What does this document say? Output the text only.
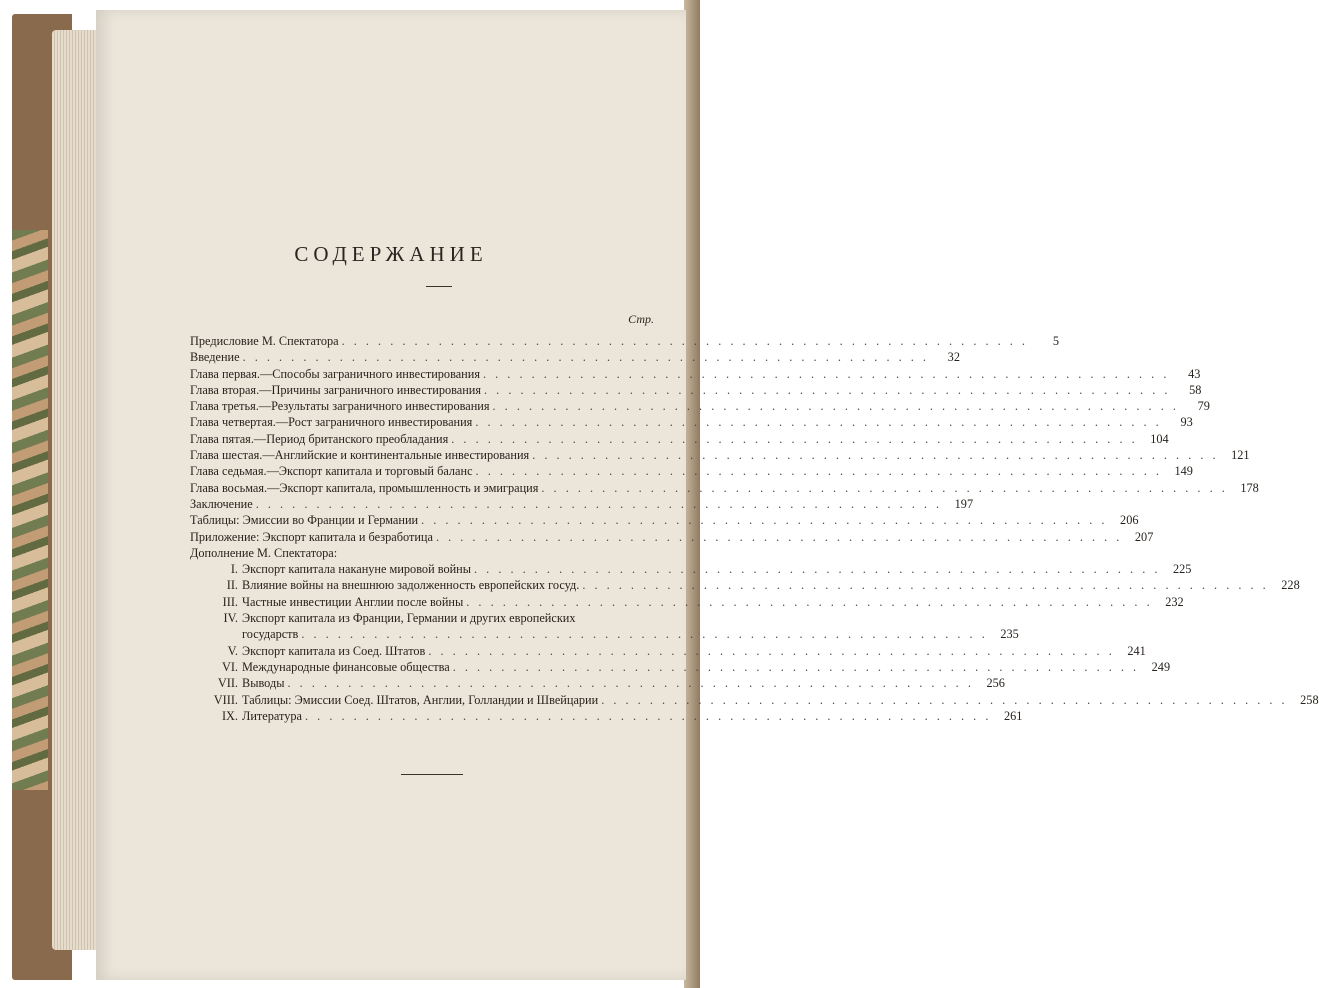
СОДЕРЖАНИЕ
Стр.
Предисловие М. Спектатора . . . . . . . . . . . . . . . . . . . . . . . . . . . . . . . . . . . . . . . . . . . . . . . . . . . . . . . . .	5
Введение . . . . . . . . . . . . . . . . . . . . . . . . . . . . . . . . . . . . . . . . . . . . . . . . . . . . . . . . .	32
Глава первая.—Способы заграничного инвестирования . . . . . . . . . . . . . . . . . . . . . . . . . . . . . . . . . . . . . . . . . . . . . . . . . . . . . . . . .	43
Глава вторая.—Причины заграничного инвестирования . . . . . . . . . . . . . . . . . . . . . . . . . . . . . . . . . . . . . . . . . . . . . . . . . . . . . . . . .	58
Глава третья.—Результаты заграничного инвестирования . . . . . . . . . . . . . . . . . . . . . . . . . . . . . . . . . . . . . . . . . . . . . . . . . . . . . . . . .	79
Глава четвертая.—Рост заграничного инвестирования . . . . . . . . . . . . . . . . . . . . . . . . . . . . . . . . . . . . . . . . . . . . . . . . . . . . . . . . .	93
Глава пятая.—Период британского преобладания . . . . . . . . . . . . . . . . . . . . . . . . . . . . . . . . . . . . . . . . . . . . . . . . . . . . . . . . .	104
Глава шестая.—Английские и континентальные инвестирования . . . . . . . . . . . . . . . . . . . . . . . . . . . . . . . . . . . . . . . . . . . . . . . . . . . . . . . . .	121
Глава седьмая.—Экспорт капитала и торговый баланс . . . . . . . . . . . . . . . . . . . . . . . . . . . . . . . . . . . . . . . . . . . . . . . . . . . . . . . . .	149
Глава восьмая.—Экспорт капитала, промышленность и эмиграция . . . . . . . . . . . . . . . . . . . . . . . . . . . . . . . . . . . . . . . . . . . . . . . . . . . . . . . . .	178
Заключение . . . . . . . . . . . . . . . . . . . . . . . . . . . . . . . . . . . . . . . . . . . . . . . . . . . . . . . . .	197
Таблицы: Эмиссии во Франции и Германии . . . . . . . . . . . . . . . . . . . . . . . . . . . . . . . . . . . . . . . . . . . . . . . . . . . . . . . . .	206
Приложение: Экспорт капитала и безработица . . . . . . . . . . . . . . . . . . . . . . . . . . . . . . . . . . . . . . . . . . . . . . . . . . . . . . . . .	207
Дополнение М. Спектатора:
I. Экспорт капитала накануне мировой войны . . . . . . . . . . . . . . . . . . . . . . . . . . . . . . . . . . . . . . . . . . . . . . . . . . . . . . . . .	225
II. Влияние войны на внешнюю задолженность европейских госуд. . . . . . . . . . . . . . . . . . . . . . . . . . . . . . . . . . . . . . . . . . . . . . . . . . . . . . . . . .	228
III. Частные инвестиции Англии после войны . . . . . . . . . . . . . . . . . . . . . . . . . . . . . . . . . . . . . . . . . . . . . . . . . . . . . . . . .	232
IV. Экспорт капитала из Франции, Германии и других европейских
государств . . . . . . . . . . . . . . . . . . . . . . . . . . . . . . . . . . . . . . . . . . . . . . . . . . . . . . . . .	235
V. Экспорт капитала из Соед. Штатов . . . . . . . . . . . . . . . . . . . . . . . . . . . . . . . . . . . . . . . . . . . . . . . . . . . . . . . . .	241
VI. Международные финансовые общества . . . . . . . . . . . . . . . . . . . . . . . . . . . . . . . . . . . . . . . . . . . . . . . . . . . . . . . . .	249
VII. Выводы . . . . . . . . . . . . . . . . . . . . . . . . . . . . . . . . . . . . . . . . . . . . . . . . . . . . . . . . .	256
VIII. Таблицы: Эмиссии Соед. Штатов, Англии, Голландии и Швейцарии . . . . . . . . . . . . . . . . . . . . . . . . . . . . . . . . . . . . . . . . . . . . . . . . . . . . . . . . .	258
IX. Литература . . . . . . . . . . . . . . . . . . . . . . . . . . . . . . . . . . . . . . . . . . . . . . . . . . . . . . . . .	261
